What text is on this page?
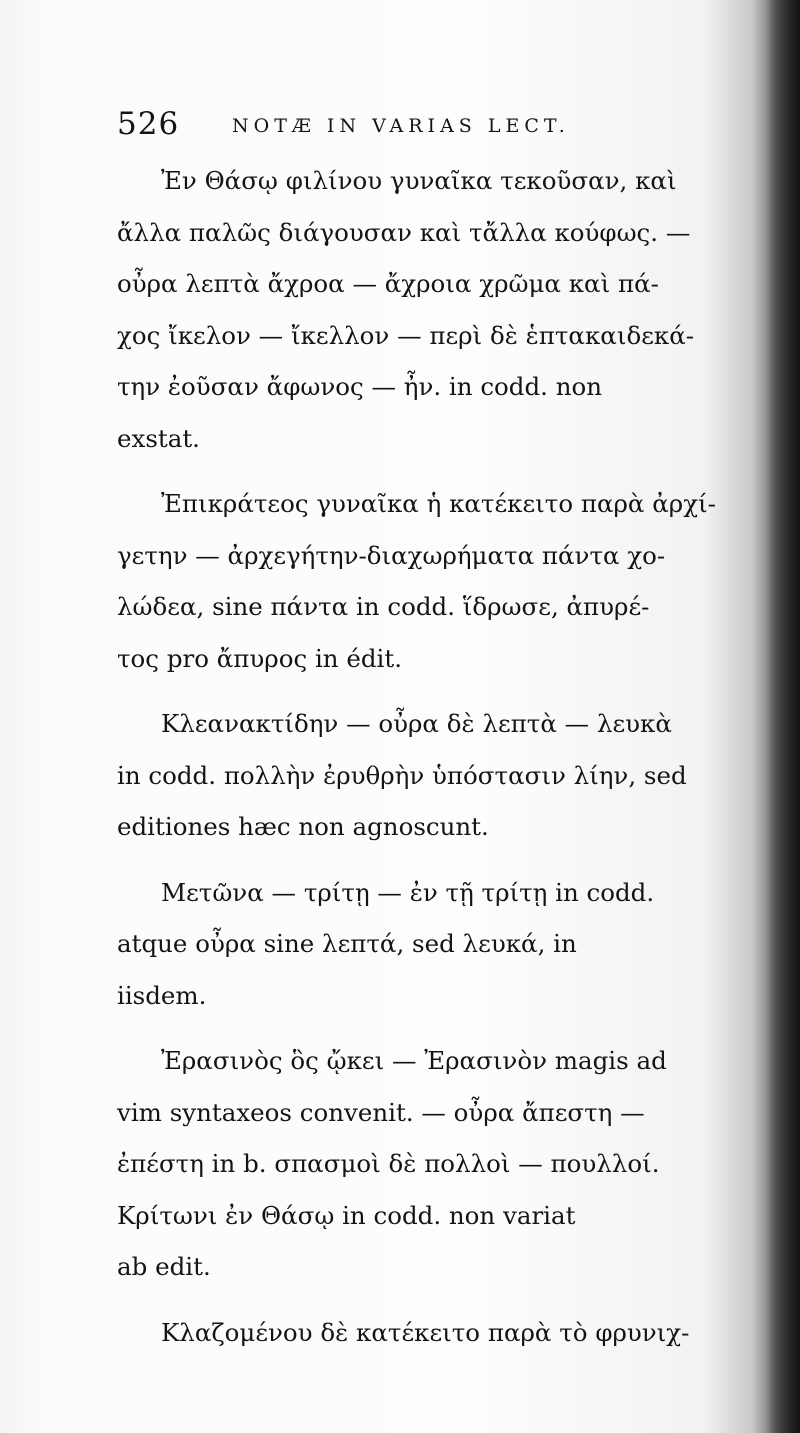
526	NOTÆ IN VARIAS LECT.
Ἐν Θάσῳ φιλίνου γυναῖκα τεκοῦσαν, καὶ
ἄλλα παλῶς διάγουσαν καὶ τἄλλα κούφως. —
οὖρα λεπτὰ ἄχροα — ἄχροια χρῶμα καὶ πά-
χος ἴκελον — ἴκελλον — περὶ δὲ ἑπτακαιδεκά-
την ἐοῦσαν ἄφωνος — ἦν. in codd. non
exstat.
Ἐπικράτεος γυναῖκα ἡ κατέκειτο παρὰ ἀρχί-
γετην — ἀρχεγήτην-διαχωρήματα πάντα χο-
λώδεα, sine πάντα in codd. ἵδρωσε, ἀπυρέ-
τος pro ἄπυρος in édit.
Κλεανακτίδην — οὖρα δὲ λεπτὰ — λευκὰ
in codd. πολλὴν ἐρυθρὴν ὑπόστασιν λίην, sed
editiones hæc non agnoscunt.
Μετῶνα — τρίτῃ — ἐν τῇ τρίτῃ in codd.
atque οὖρα sine λεπτά, sed λευκά, in
iisdem.
Ἐρασινὸς ὃς ᾤκει — Ἐρασινὸν magis ad
vim syntaxeos convenit. — οὖρα ἄπεστη —
ἐπέστη in b. σπασμοὶ δὲ πολλοὶ — πουλλοί.
Κρίτωνι ἐν Θάσῳ in codd. non variat
ab edit.
Κλαζομένου δὲ κατέκειτο παρὰ τὸ φρυνιχ-
